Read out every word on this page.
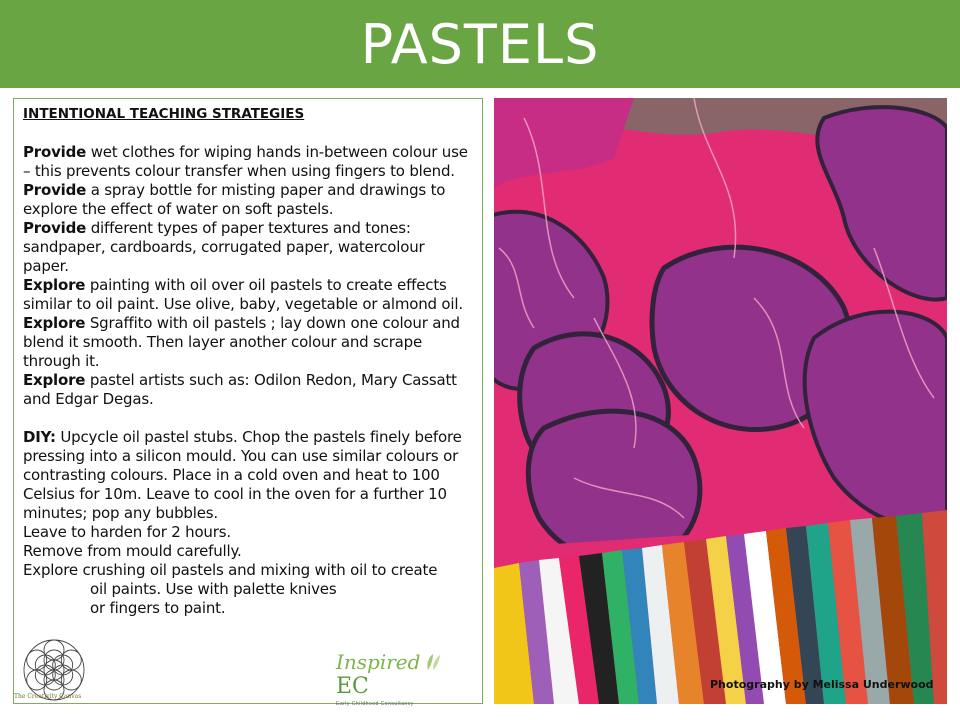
PASTELS
INTENTIONAL TEACHING STRATEGIES

Provide wet clothes for wiping hands in-between colour use – this prevents colour transfer when using fingers to blend.

Provide a spray bottle for misting paper and drawings to explore the effect of water on soft pastels.

Provide different types of paper textures and tones: sandpaper, cardboards, corrugated paper, watercolour paper.

Explore painting with oil over oil pastels to create effects similar to oil paint. Use olive, baby, vegetable or almond oil.

Explore Sgraffito with oil pastels ; lay down one colour and blend it smooth. Then layer another colour and scrape through it.

Explore pastel artists such as: Odilon Redon, Mary Cassatt and Edgar Degas.

DIY: Upcycle oil pastel stubs. Chop the pastels finely before pressing into a silicon mould. You can use similar colours or contrasting colours. Place in a cold oven and heat to 100 Celsius for 10m. Leave to cool in the oven for a further 10 minutes; pop any bubbles.

Leave to harden for 2 hours.

Remove from mould carefully.

Explore crushing oil pastels and mixing with oil to create

oil paints. Use with palette knives

or fingers to paint.

The Creativity Canvas
Inspired  EC
Early Childhood Consultancy
Photography by Melissa Underwood
